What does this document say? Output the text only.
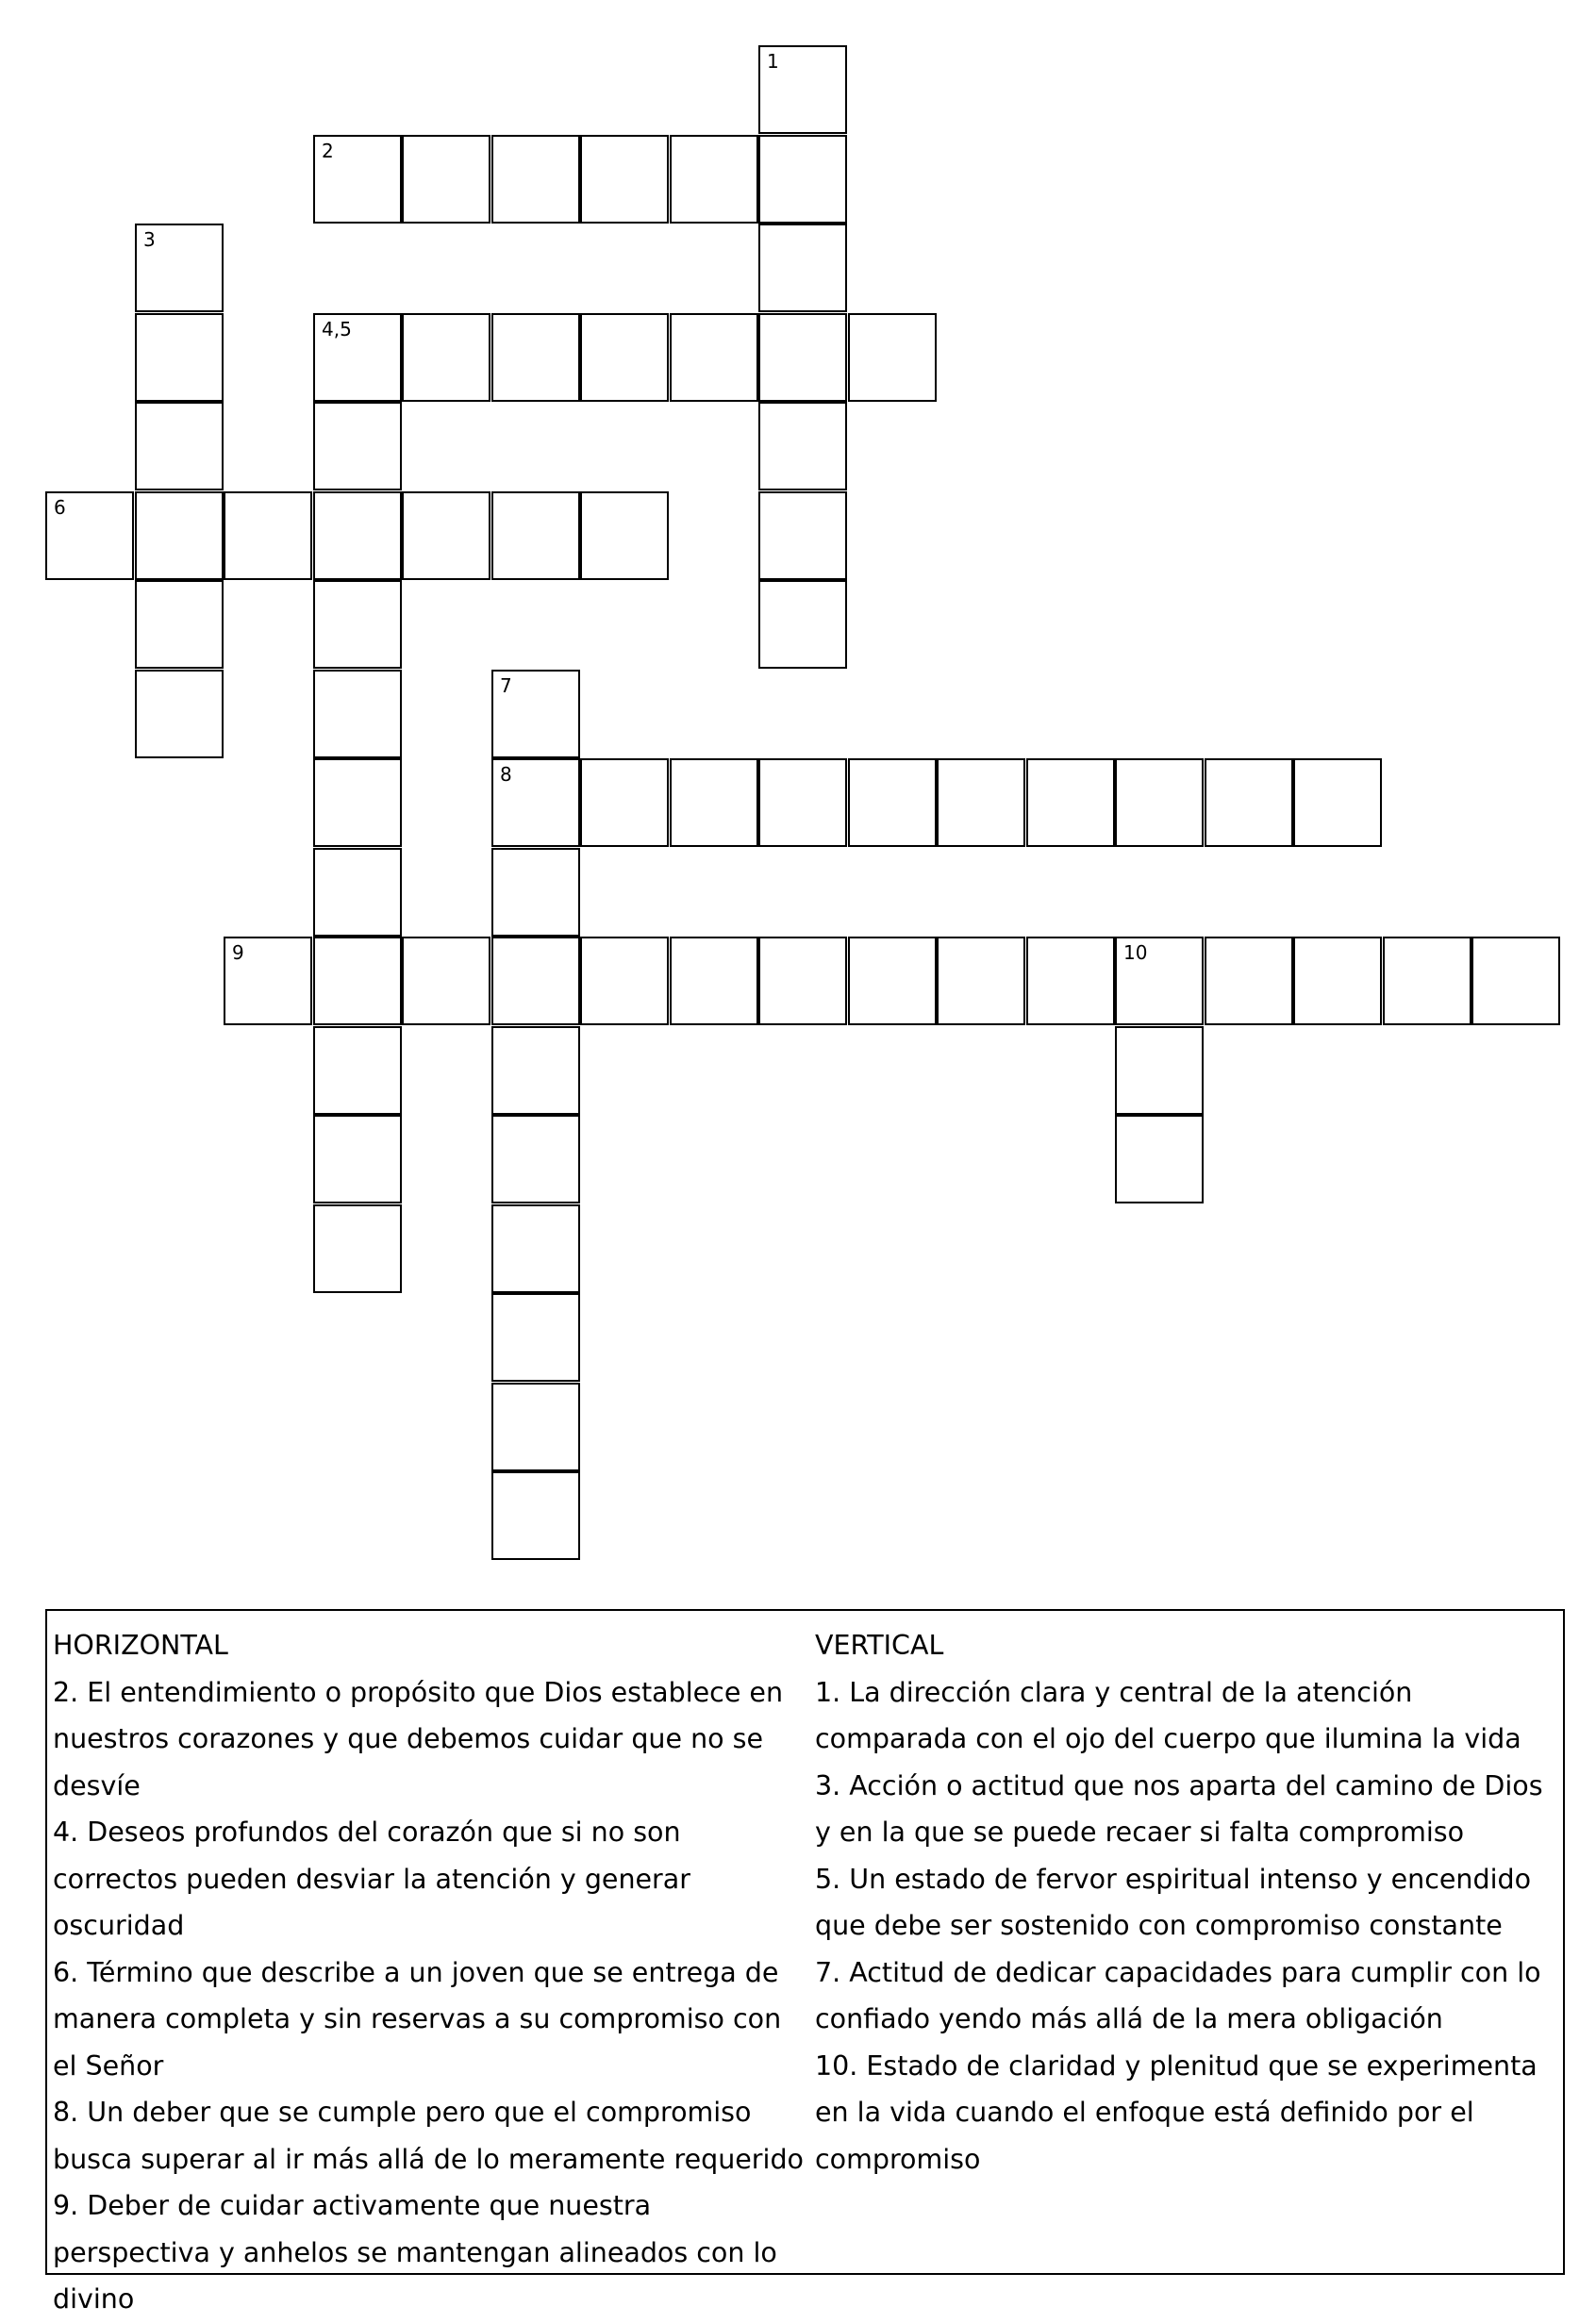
1
2
3
4,5
6
7
8
9	10

HORIZONTAL

2. El entendimiento o propósito que Dios establece en nuestros corazones y que debemos cuidar que no se desvíe

4. Deseos profundos del corazón que si no son correctos pueden desviar la atención y generar oscuridad

6. Término que describe a un joven que se entrega de manera completa y sin reservas a su compromiso con el Señor

8. Un deber que se cumple pero que el compromiso busca superar al ir más allá de lo meramente requerido

9. Deber de cuidar activamente que nuestra perspectiva y anhelos se mantengan alineados con lo divino

VERTICAL

1. La dirección clara y central de la atención comparada con el ojo del cuerpo que ilumina la vida

3. Acción o actitud que nos aparta del camino de Dios y en la que se puede recaer si falta compromiso

5. Un estado de fervor espiritual intenso y encendido que debe ser sostenido con compromiso constante

7. Actitud de dedicar capacidades para cumplir con lo confiado yendo más allá de la mera obligación

10. Estado de claridad y plenitud que se experimenta en la vida cuando el enfoque está definido por el compromiso
